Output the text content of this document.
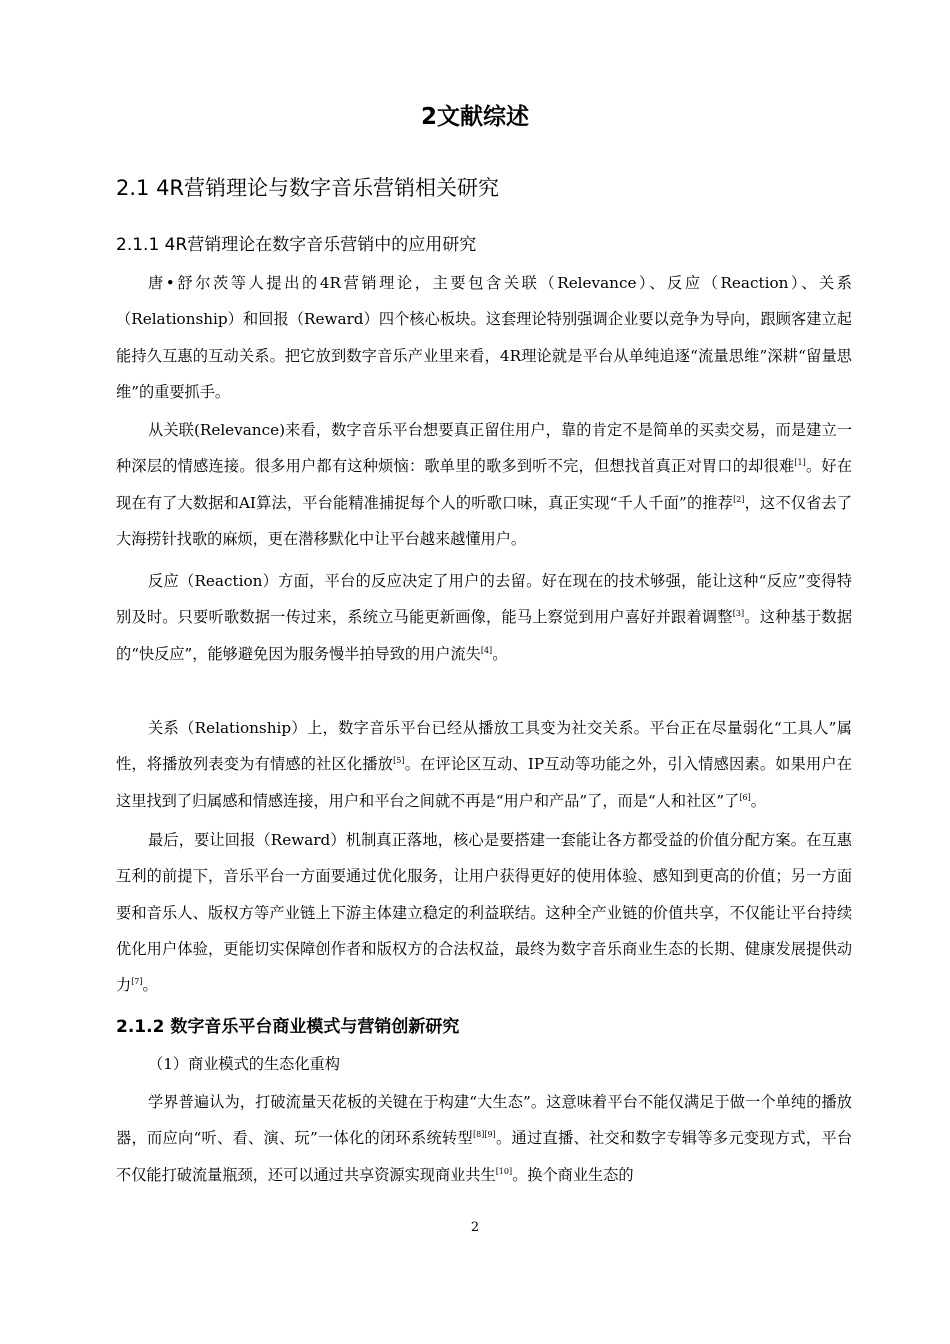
2文献综述
2.1 4R营销理论与数字音乐营销相关研究
2.1.1 4R营销理论在数字音乐营销中的应用研究

唐•舒尔茨等人提出的4R营销理论，主要包含关联（Relevance）、反应（Reaction）、关系（Relationship）和回报（Reward）四个核心板块。这套理论特别强调企业要以竞争为导向，跟顾客建立起能持久互惠的互动关系。把它放到数字音乐产业里来看，4R理论就是平台从单纯追逐“流量思维”深耕“留量思维”的重要抓手。

从关联(Relevance)来看，数字音乐平台想要真正留住用户，靠的肯定不是简单的买卖交易，而是建立一种深层的情感连接。很多用户都有这种烦恼：歌单里的歌多到听不完，但想找首真正对胃口的却很难[1]。好在现在有了大数据和AI算法，平台能精准捕捉每个人的听歌口味，真正实现“千人千面”的推荐[2]，这不仅省去了大海捞针找歌的麻烦，更在潜移默化中让平台越来越懂用户。

反应（Reaction）方面，平台的反应决定了用户的去留。好在现在的技术够强，能让这种“反应”变得特别及时。只要听歌数据一传过来，系统立马能更新画像，能马上察觉到用户喜好并跟着调整[3]。这种基于数据的“快反应”，能够避免因为服务慢半拍导致的用户流失[4]。

关系（Relationship）上，数字音乐平台已经从播放工具变为社交关系。平台正在尽量弱化“工具人”属性，将播放列表变为有情感的社区化播放[5]。在评论区互动、IP互动等功能之外，引入情感因素。如果用户在这里找到了归属感和情感连接，用户和平台之间就不再是“用户和产品”了，而是“人和社区”了[6]。

最后，要让回报（Reward）机制真正落地，核心是要搭建一套能让各方都受益的价值分配方案。在互惠互利的前提下，音乐平台一方面要通过优化服务，让用户获得更好的使用体验、感知到更高的价值；另一方面要和音乐人、版权方等产业链上下游主体建立稳定的利益联结。这种全产业链的价值共享，不仅能让平台持续优化用户体验，更能切实保障创作者和版权方的合法权益，最终为数字音乐商业生态的长期、健康发展提供动力[7]。

2.1.2 数字音乐平台商业模式与营销创新研究
（1）商业模式的生态化重构

学界普遍认为，打破流量天花板的关键在于构建“大生态”。这意味着平台不能仅满足于做一个单纯的播放器，而应向“听、看、演、玩”一体化的闭环系统转型[8][9]。通过直播、社交和数字专辑等多元变现方式，平台不仅能打破流量瓶颈，还可以通过共享资源实现商业共生[10]。换个商业生态的

2
